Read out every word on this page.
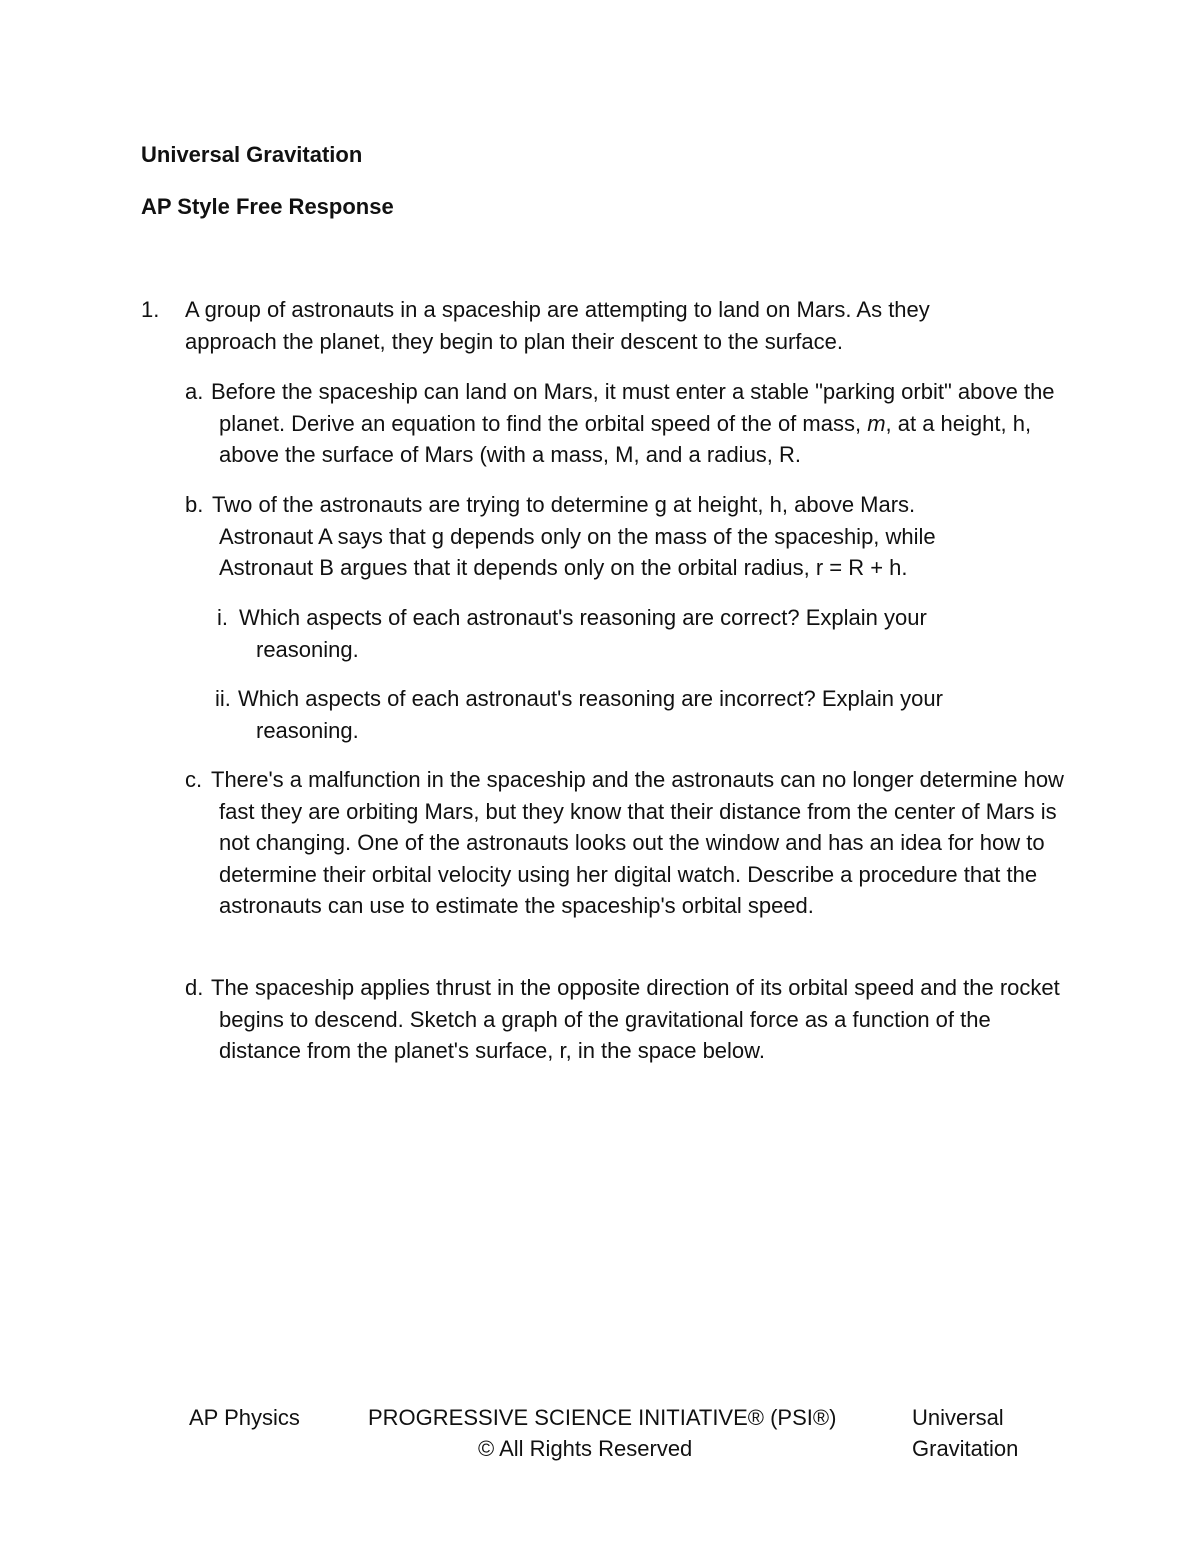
Universal Gravitation
AP Style Free Response
1. A group of astronauts in a spaceship are attempting to land on Mars. As they approach the planet, they begin to plan their descent to the surface.

a. Before the spaceship can land on Mars, it must enter a stable "parking orbit" above the planet. Derive an equation to find the orbital speed of the of mass, m, at a height, h, above the surface of Mars (with a mass, M, and a radius, R.

b. Two of the astronauts are trying to determine g at height, h, above Mars. Astronaut A says that g depends only on the mass of the spaceship, while Astronaut B argues that it depends only on the orbital radius, r = R + h.

i. Which aspects of each astronaut's reasoning are correct? Explain your reasoning.

ii. Which aspects of each astronaut's reasoning are incorrect? Explain your reasoning.

c. There's a malfunction in the spaceship and the astronauts can no longer determine how fast they are orbiting Mars, but they know that their distance from the center of Mars is not changing. One of the astronauts looks out the window and has an idea for how to determine their orbital velocity using her digital watch. Describe a procedure that the astronauts can use to estimate the spaceship's orbital speed.

d. The spaceship applies thrust in the opposite direction of its orbital speed and the rocket begins to descend. Sketch a graph of the gravitational force as a function of the distance from the planet's surface, r, in the space below.

AP Physics	PROGRESSIVE SCIENCE INITIATIVE® (PSI®)
© All Rights Reserved
Universal
Gravitation
